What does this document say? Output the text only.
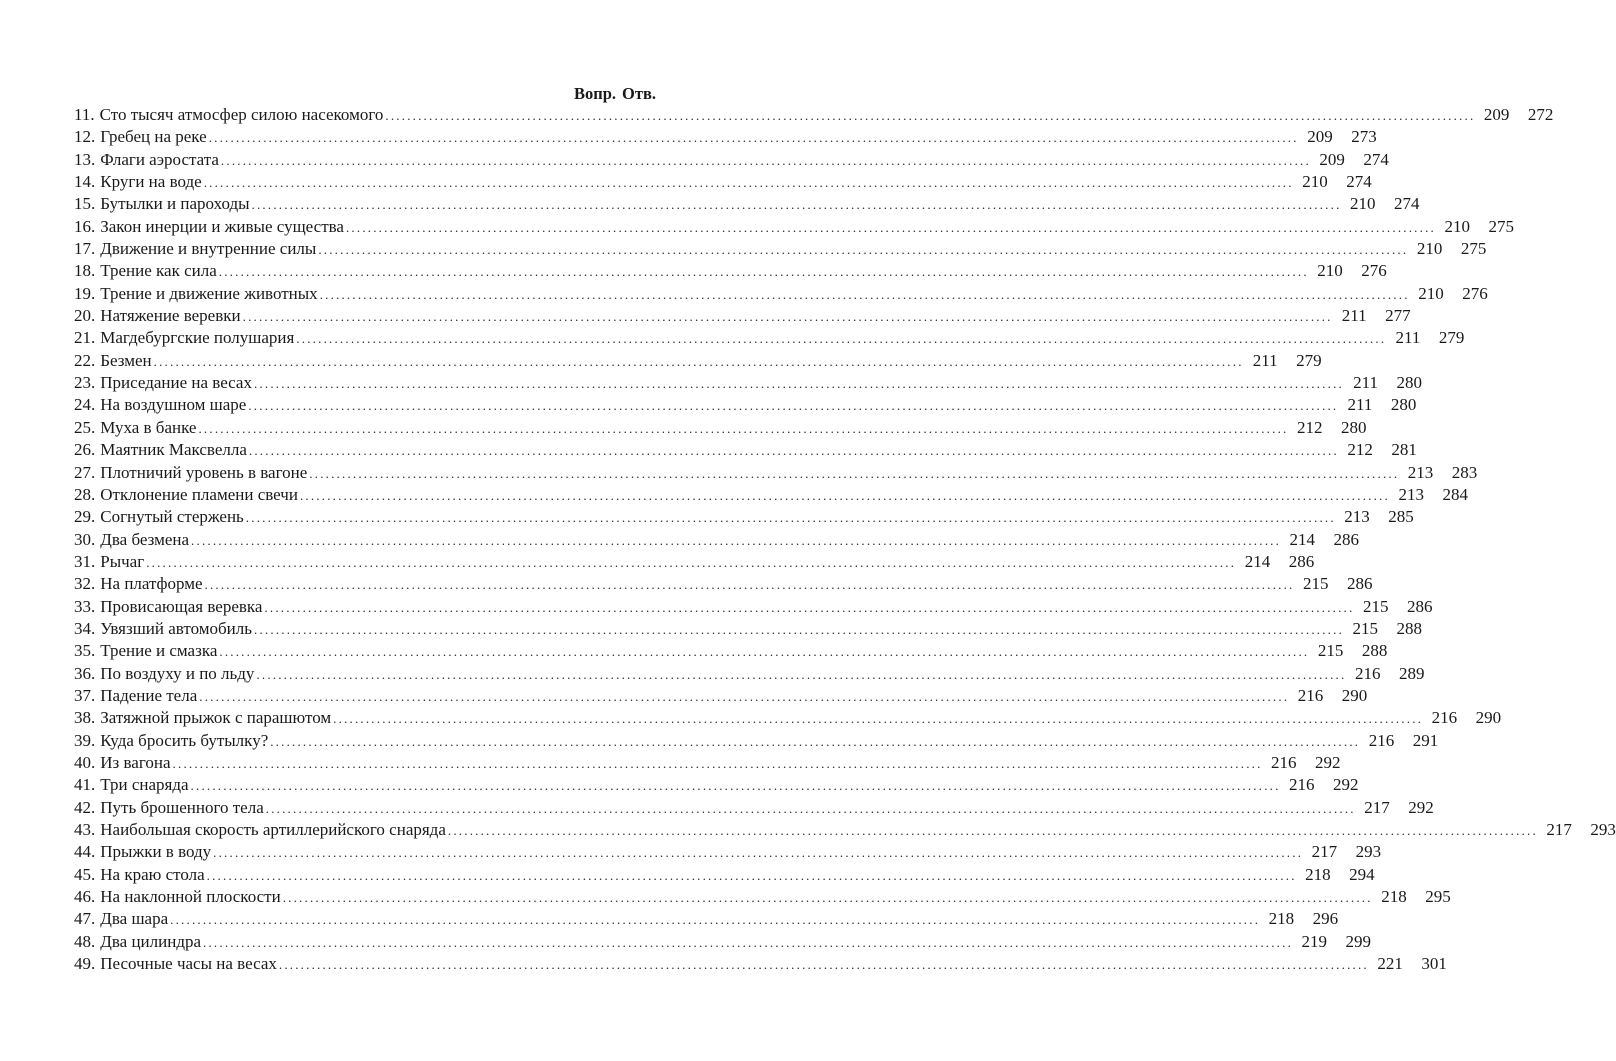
Вопр. Отв.
11. Сто тысяч атмосфер силою насекомого ........................................................................................................................................................................................................ 209	272
12. Гребец на реке ........................................................................................................................................................................................................ 209	273
13. Флаги аэростата ........................................................................................................................................................................................................ 209	274
14. Круги на воде ........................................................................................................................................................................................................ 210	274
15. Бутылки и пароходы ........................................................................................................................................................................................................ 210	274
16. Закон инерции и живые существа ........................................................................................................................................................................................................ 210	275
17. Движение и внутренние силы ........................................................................................................................................................................................................ 210	275
18. Трение как сила ........................................................................................................................................................................................................ 210	276
19. Трение и движение животных ........................................................................................................................................................................................................ 210	276
20. Натяжение веревки ........................................................................................................................................................................................................ 211	277
21. Магдебургские полушария ........................................................................................................................................................................................................ 211	279
22. Безмен ........................................................................................................................................................................................................ 211	279
23. Приседание на весах ........................................................................................................................................................................................................ 211	280
24. На воздушном шаре ........................................................................................................................................................................................................ 211	280
25. Муха в банке ........................................................................................................................................................................................................ 212	280
26. Маятник Максвелла ........................................................................................................................................................................................................ 212	281
27. Плотничий уровень в вагоне ........................................................................................................................................................................................................ 213	283
28. Отклонение пламени свечи ........................................................................................................................................................................................................ 213	284
29. Согнутый стержень ........................................................................................................................................................................................................ 213	285
30. Два безмена ........................................................................................................................................................................................................ 214	286
31. Рычаг ........................................................................................................................................................................................................ 214	286
32. На платформе ........................................................................................................................................................................................................ 215	286
33. Провисающая веревка ........................................................................................................................................................................................................ 215	286
34. Увязший автомобиль ........................................................................................................................................................................................................ 215	288
35. Трение и смазка ........................................................................................................................................................................................................ 215	288
36. По воздуху и по льду ........................................................................................................................................................................................................ 216	289
37. Падение тела ........................................................................................................................................................................................................ 216	290
38. Затяжной прыжок с парашютом ........................................................................................................................................................................................................ 216	290
39. Куда бросить бутылку? ........................................................................................................................................................................................................ 216	291
40. Из вагона ........................................................................................................................................................................................................ 216	292
41. Три снаряда ........................................................................................................................................................................................................ 216	292
42. Путь брошенного тела ........................................................................................................................................................................................................ 217	292
43. Наибольшая скорость артиллерийского снаряда ........................................................................................................................................................................................................ 217	293
44. Прыжки в воду ........................................................................................................................................................................................................ 217	293
45. На краю стола ........................................................................................................................................................................................................ 218	294
46. На наклонной плоскости ........................................................................................................................................................................................................ 218	295
47. Два шара ........................................................................................................................................................................................................ 218	296
48. Два цилиндра ........................................................................................................................................................................................................ 219	299
49. Песочные часы на весах ........................................................................................................................................................................................................ 221	301
